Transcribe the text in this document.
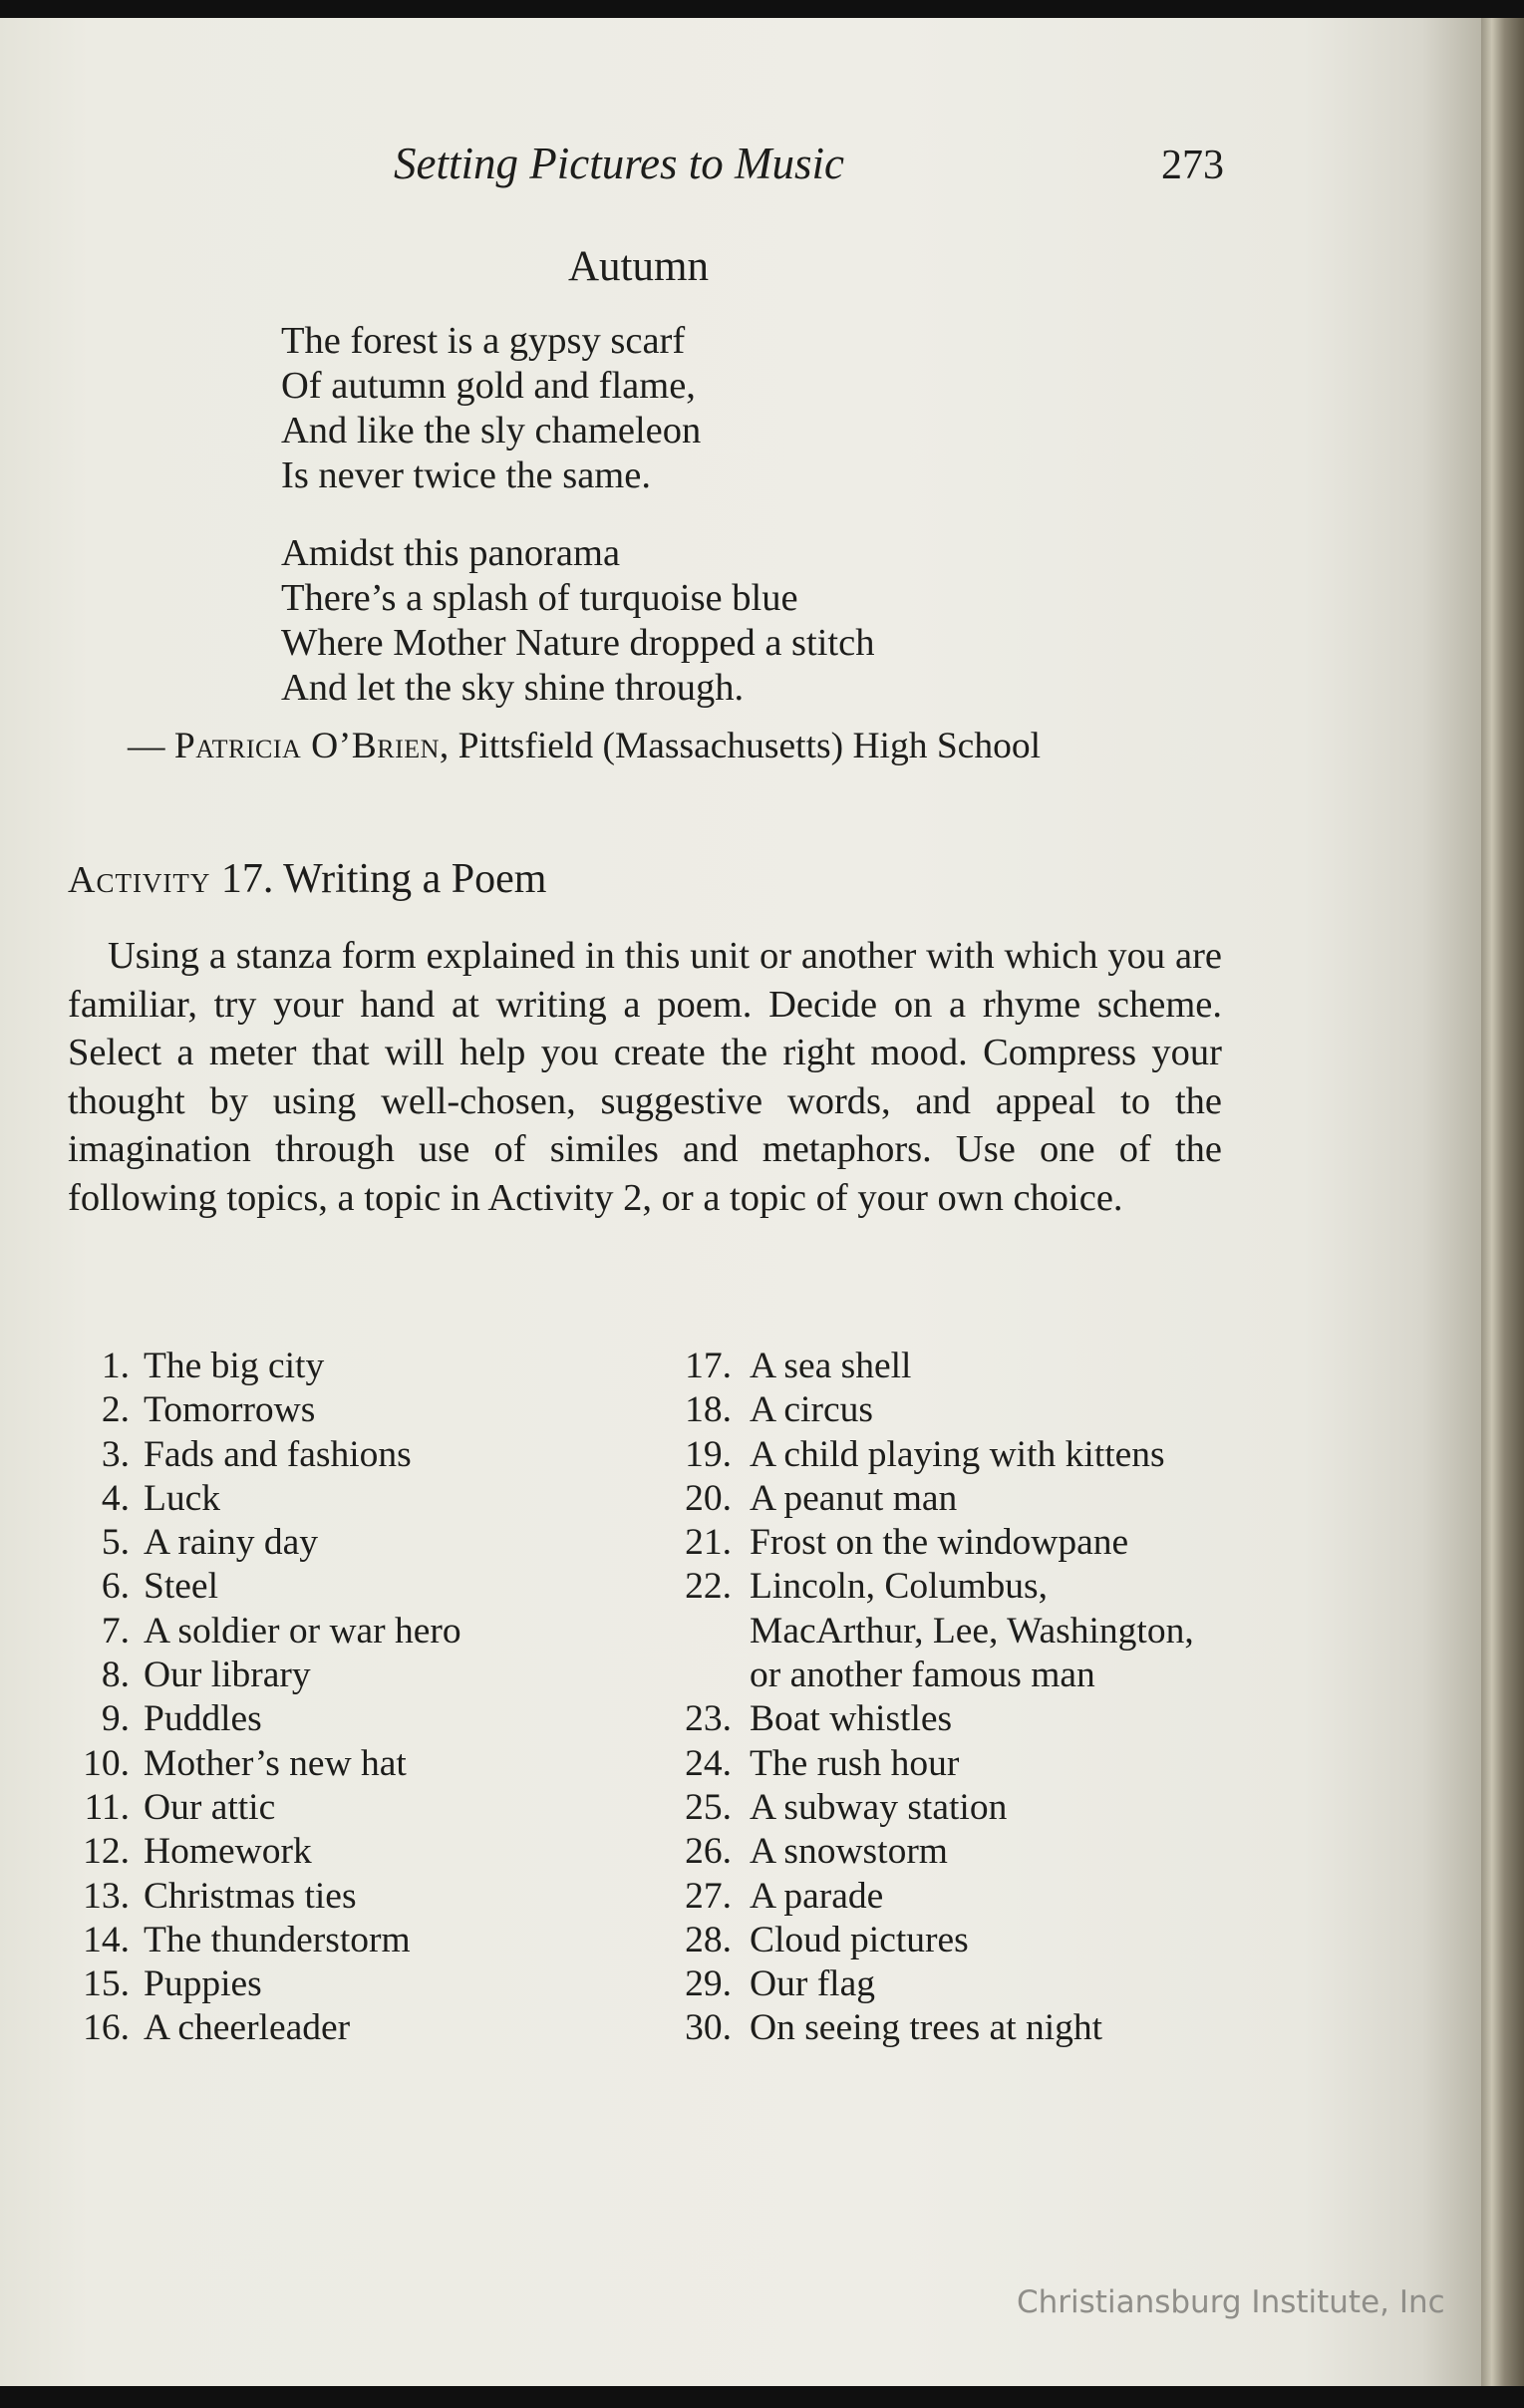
Setting Pictures to Music	273
Autumn
The forest is a gypsy scarf
Of autumn gold and flame,
And like the sly chameleon
Is never twice the same.
Amidst this panorama
There’s a splash of turquoise blue
Where Mother Nature dropped a stitch
And let the sky shine through.
— Patricia O’Brien, Pittsfield (Massachusetts) High School
Activity 17. Writing a Poem
Using a stanza form explained in this unit or another with which you are familiar, try your hand at writing a poem. Decide on a rhyme scheme. Select a meter that will help you create the right mood. Compress your thought by using well-chosen, suggestive words, and appeal to the imagination through use of similes and metaphors. Use one of the following topics, a topic in Activity 2, or a topic of your own choice.
1. The big city
2. Tomorrows
3. Fads and fashions
4. Luck
5. A rainy day
6. Steel
7. A soldier or war hero
8. Our library
9. Puddles
10. Mother’s new hat
11. Our attic
12. Homework
13. Christmas ties
14. The thunderstorm
15. Puppies
16. A cheerleader
17. A sea shell
18. A circus
19. A child playing with kittens
20. A peanut man
21. Frost on the windowpane
22. Lincoln, Columbus, MacArthur, Lee, Washington, or another famous man
23. Boat whistles
24. The rush hour
25. A subway station
26. A snowstorm
27. A parade
28. Cloud pictures
29. Our flag
30. On seeing trees at night
Christiansburg Institute, Inc
